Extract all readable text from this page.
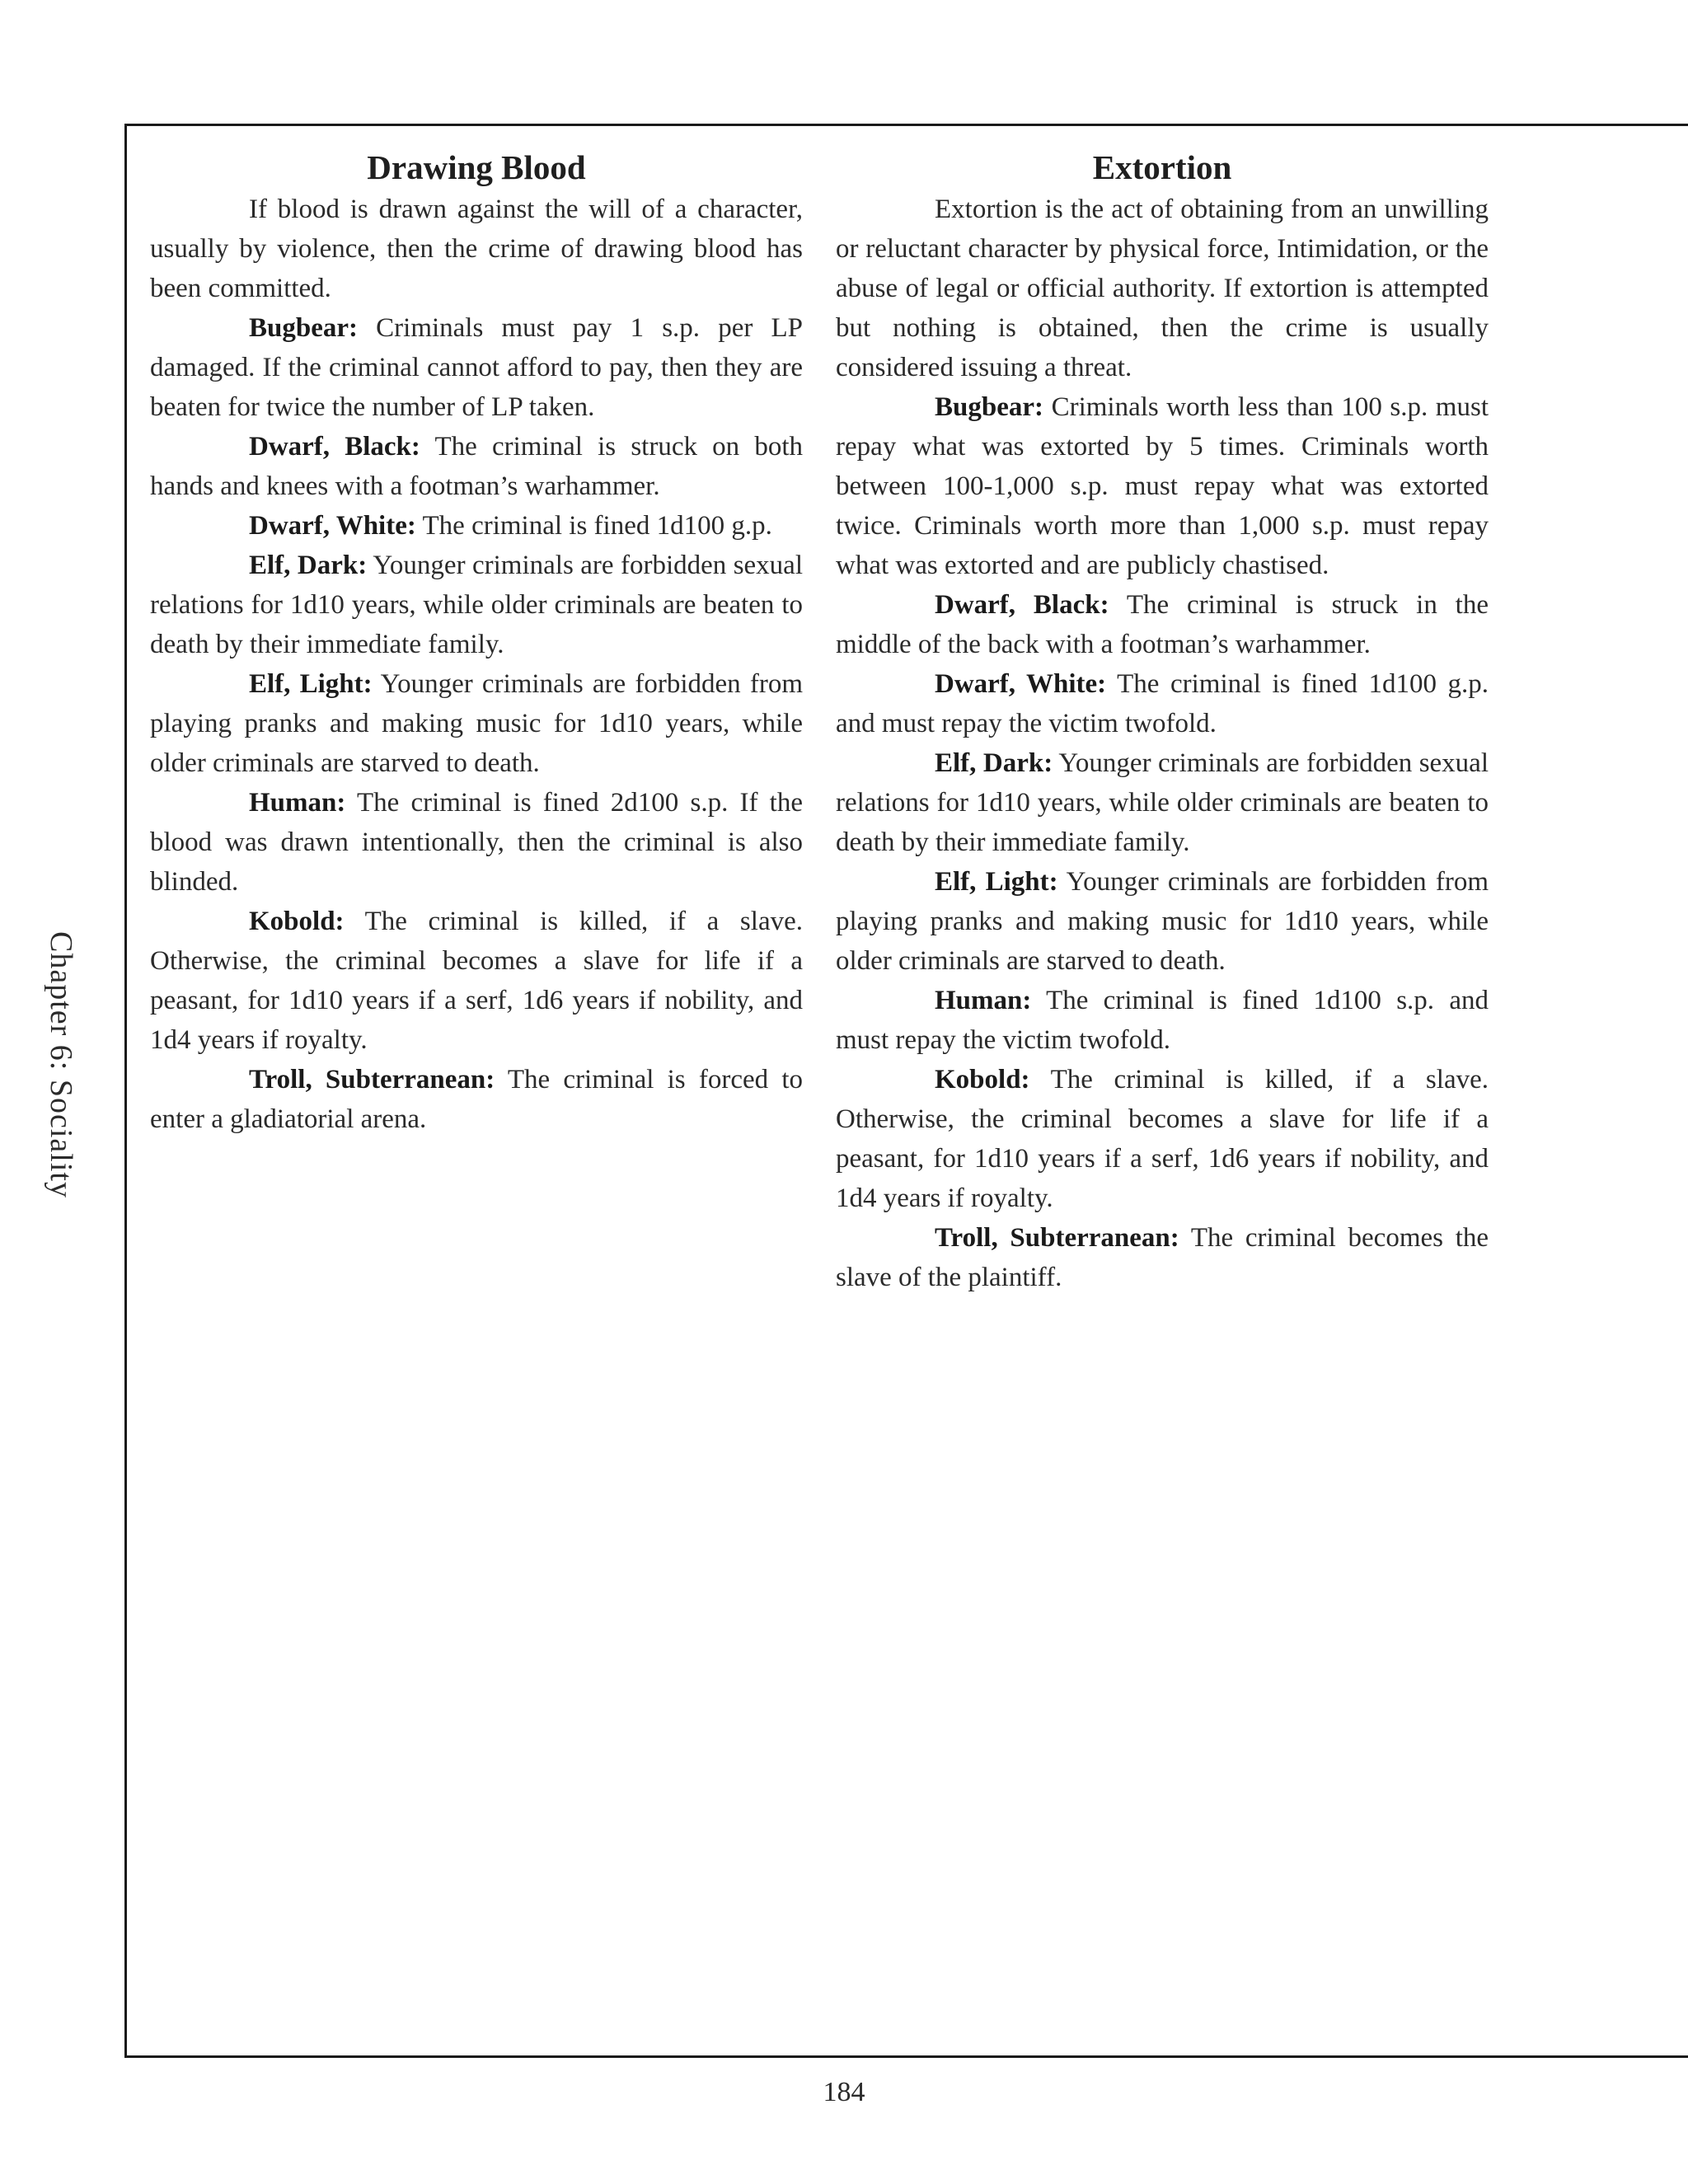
Chapter 6: Sociality
Drawing Blood

If blood is drawn against the will of a character, usually by violence, then the crime of drawing blood has been committed.

Bugbear: Criminals must pay 1 s.p. per LP damaged. If the criminal cannot afford to pay, then they are beaten for twice the number of LP taken.

Dwarf, Black: The criminal is struck on both hands and knees with a footman’s warhammer.

Dwarf, White: The criminal is fined 1d100 g.p.

Elf, Dark: Younger criminals are forbidden sexual relations for 1d10 years, while older criminals are beaten to death by their immediate family.

Elf, Light: Younger criminals are forbidden from playing pranks and making music for 1d10 years, while older criminals are starved to death.

Human: The criminal is fined 2d100 s.p. If the blood was drawn intentionally, then the criminal is also blinded.

Kobold: The criminal is killed, if a slave. Otherwise, the criminal becomes a slave for life if a peasant, for 1d10 years if a serf, 1d6 years if nobility, and 1d4 years if royalty.

Troll, Subterranean: The criminal is forced to enter a gladiatorial arena.

Extortion

Extortion is the act of obtaining from an unwilling or reluctant character by physical force, Intimidation, or the abuse of legal or official authority. If extortion is attempted but nothing is obtained, then the crime is usually considered issuing a threat.

Bugbear: Criminals worth less than 100 s.p. must repay what was extorted by 5 times. Criminals worth between 100-1,000 s.p. must repay what was extorted twice. Criminals worth more than 1,000 s.p. must repay what was extorted and are publicly chastised.

Dwarf, Black: The criminal is struck in the middle of the back with a footman’s warhammer.

Dwarf, White: The criminal is fined 1d100 g.p. and must repay the victim twofold.

Elf, Dark: Younger criminals are forbidden sexual relations for 1d10 years, while older criminals are beaten to death by their immediate family.

Elf, Light: Younger criminals are forbidden from playing pranks and making music for 1d10 years, while older criminals are starved to death.

Human: The criminal is fined 1d100 s.p. and must repay the victim twofold.

Kobold: The criminal is killed, if a slave. Otherwise, the criminal becomes a slave for life if a peasant, for 1d10 years if a serf, 1d6 years if nobility, and 1d4 years if royalty.

Troll, Subterranean: The criminal becomes the slave of the plaintiff.

184
